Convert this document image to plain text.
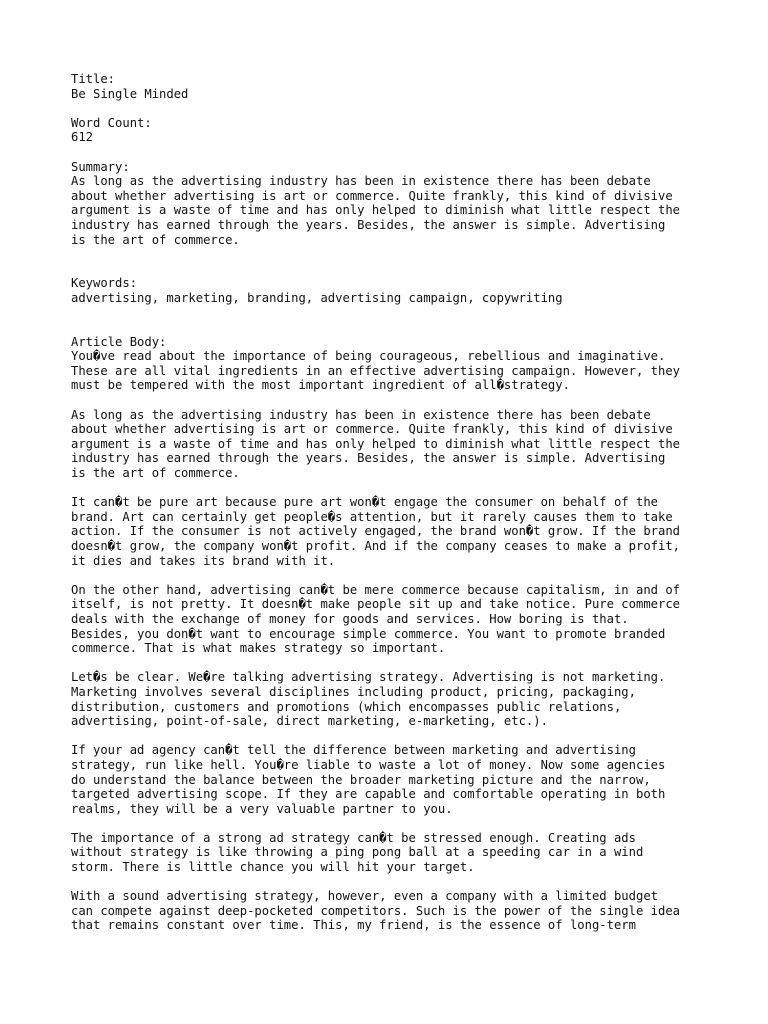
Title:
Be Single Minded
Word Count:
612
Summary:
As long as the advertising industry has been in existence there has been debate
about whether advertising is art or commerce. Quite frankly, this kind of divisive
argument is a waste of time and has only helped to diminish what little respect the
industry has earned through the years. Besides, the answer is simple. Advertising
is the art of commerce.
Keywords:
advertising, marketing, branding, advertising campaign, copywriting
Article Body:
You�ve read about the importance of being courageous, rebellious and imaginative.
These are all vital ingredients in an effective advertising campaign. However, they
must be tempered with the most important ingredient of all�strategy.
As long as the advertising industry has been in existence there has been debate
about whether advertising is art or commerce. Quite frankly, this kind of divisive
argument is a waste of time and has only helped to diminish what little respect the
industry has earned through the years. Besides, the answer is simple. Advertising
is the art of commerce.
It can�t be pure art because pure art won�t engage the consumer on behalf of the
brand. Art can certainly get people�s attention, but it rarely causes them to take
action. If the consumer is not actively engaged, the brand won�t grow. If the brand
doesn�t grow, the company won�t profit. And if the company ceases to make a profit,
it dies and takes its brand with it.
On the other hand, advertising can�t be mere commerce because capitalism, in and of
itself, is not pretty. It doesn�t make people sit up and take notice. Pure commerce
deals with the exchange of money for goods and services. How boring is that.
Besides, you don�t want to encourage simple commerce. You want to promote branded
commerce. That is what makes strategy so important.
Let�s be clear. We�re talking advertising strategy. Advertising is not marketing.
Marketing involves several disciplines including product, pricing, packaging,
distribution, customers and promotions (which encompasses public relations,
advertising, point-of-sale, direct marketing, e-marketing, etc.).
If your ad agency can�t tell the difference between marketing and advertising
strategy, run like hell. You�re liable to waste a lot of money. Now some agencies
do understand the balance between the broader marketing picture and the narrow,
targeted advertising scope. If they are capable and comfortable operating in both
realms, they will be a very valuable partner to you.
The importance of a strong ad strategy can�t be stressed enough. Creating ads
without strategy is like throwing a ping pong ball at a speeding car in a wind
storm. There is little chance you will hit your target.
With a sound advertising strategy, however, even a company with a limited budget
can compete against deep-pocketed competitors. Such is the power of the single idea
that remains constant over time. This, my friend, is the essence of long-term
